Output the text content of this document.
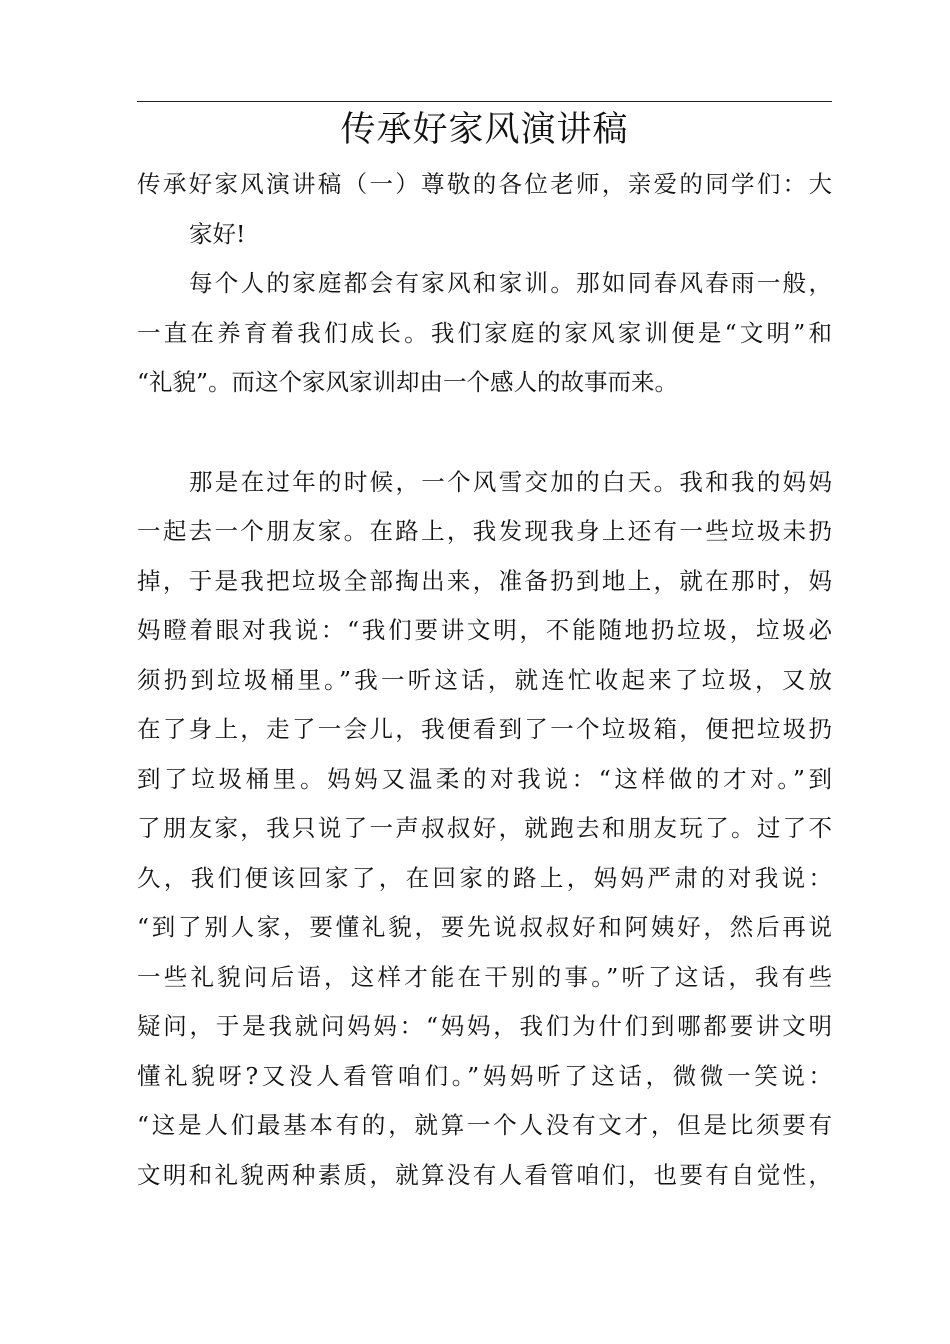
传承好家风演讲稿
传承好家风演讲稿（一）尊敬的各位老师，亲爱的同学们：大
家好!
每个人的家庭都会有家风和家训。那如同春风春雨一般，
一直在养育着我们成长。我们家庭的家风家训便是“文明”和
“礼貌”。而这个家风家训却由一个感人的故事而来。
那是在过年的时候，一个风雪交加的白天。我和我的妈妈
一起去一个朋友家。在路上，我发现我身上还有一些垃圾未扔
掉，于是我把垃圾全部掏出来，准备扔到地上，就在那时，妈
妈瞪着眼对我说：“我们要讲文明，不能随地扔垃圾，垃圾必
须扔到垃圾桶里。”我一听这话，就连忙收起来了垃圾，又放
在了身上，走了一会儿，我便看到了一个垃圾箱，便把垃圾扔
到了垃圾桶里。妈妈又温柔的对我说：“这样做的才对。”到
了朋友家，我只说了一声叔叔好，就跑去和朋友玩了。过了不
久，我们便该回家了，在回家的路上，妈妈严肃的对我说：
“到了别人家，要懂礼貌，要先说叔叔好和阿姨好，然后再说
一些礼貌问后语，这样才能在干别的事。”听了这话，我有些
疑问，于是我就问妈妈：“妈妈，我们为什们到哪都要讲文明
懂礼貌呀?又没人看管咱们。”妈妈听了这话，微微一笑说：
“这是人们最基本有的，就算一个人没有文才，但是比须要有
文明和礼貌两种素质，就算没有人看管咱们，也要有自觉性，
